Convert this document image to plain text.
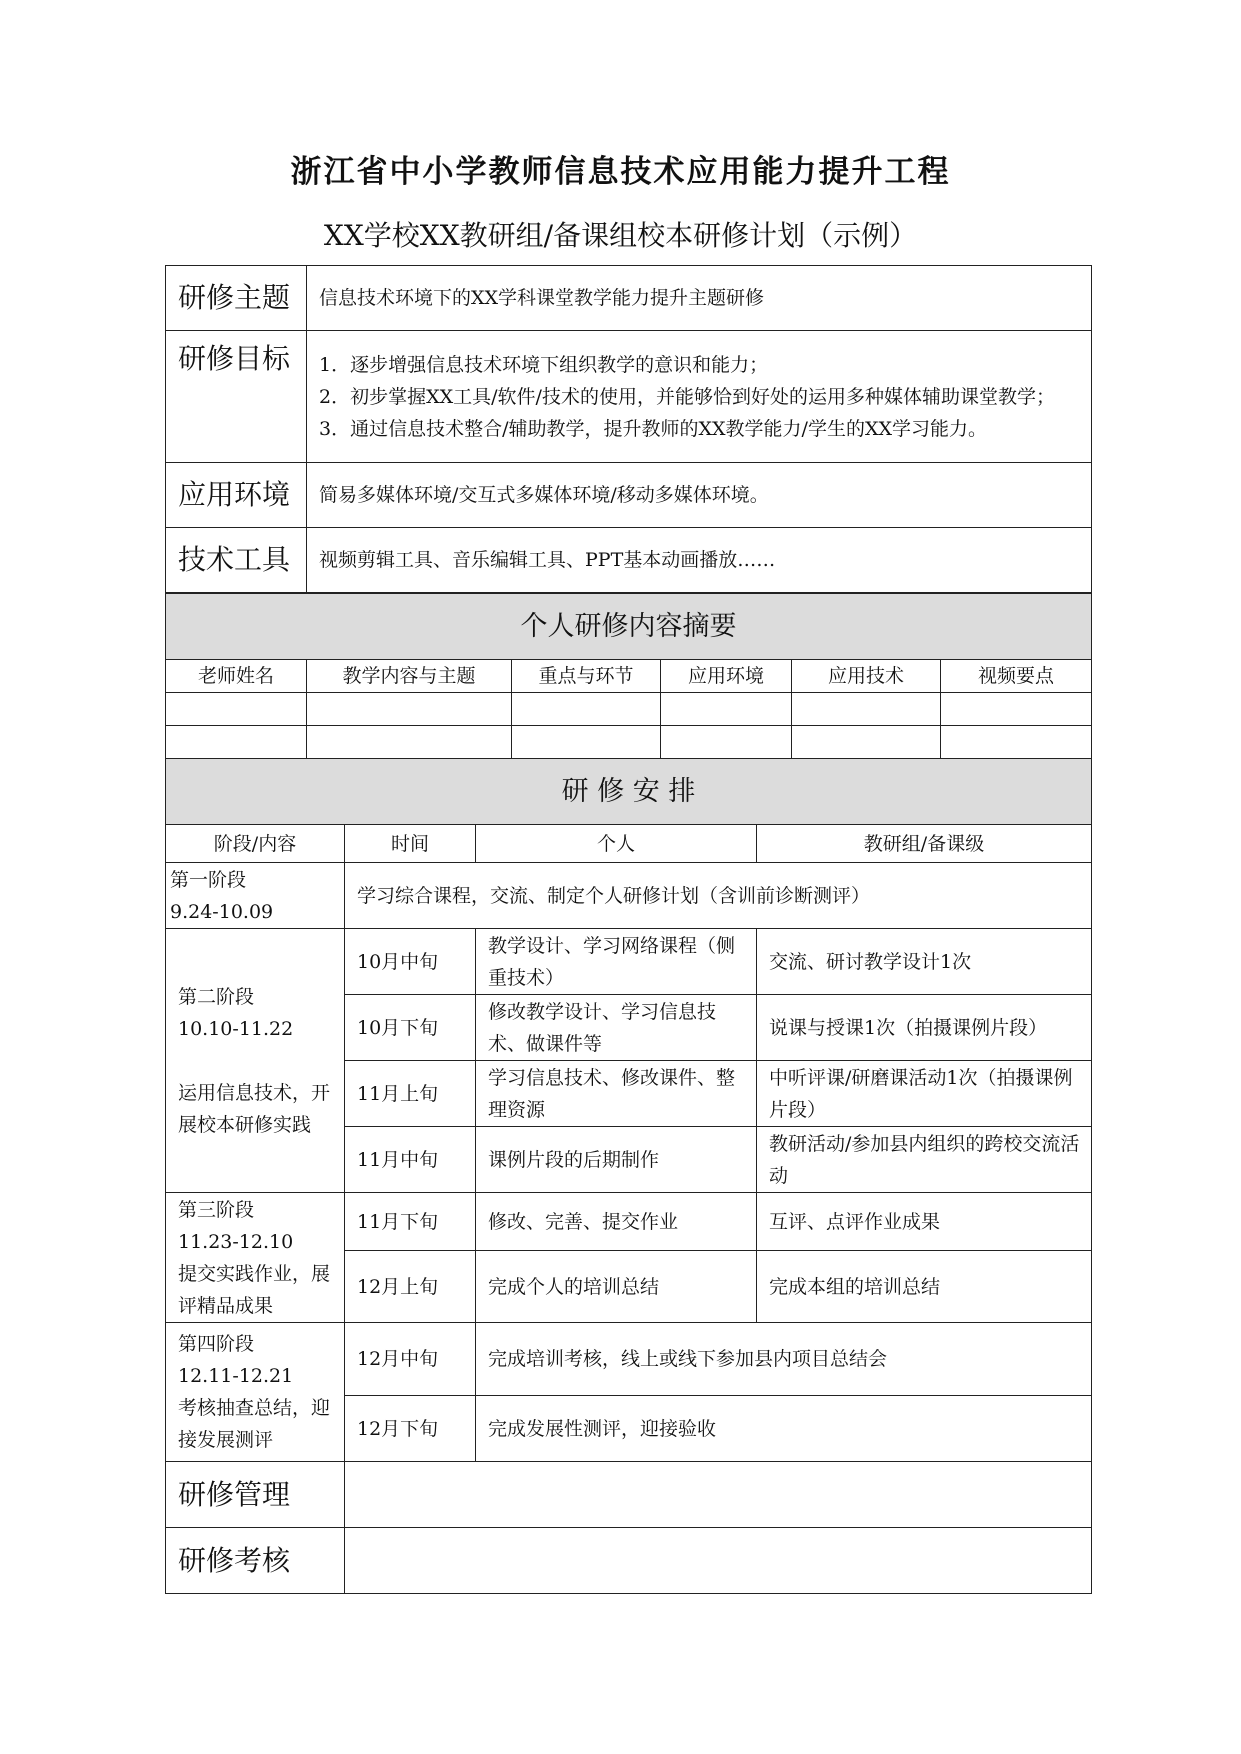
浙江省中小学教师信息技术应用能力提升工程
XX学校XX教研组/备课组校本研修计划（示例）
研修主题	信息技术环境下的XX学科课堂教学能力提升主题研修
研修目标	1．逐步增强信息技术环境下组织教学的意识和能力；
2．初步掌握XX工具/软件/技术的使用，并能够恰到好处的运用多种媒体辅助课堂教学；
3．通过信息技术整合/辅助教学，提升教师的XX教学能力/学生的XX学习能力。

应用环境	简易多媒体环境/交互式多媒体环境/移动多媒体环境。
技术工具	视频剪辑工具、音乐编辑工具、PPT基本动画播放……
个人研修内容摘要					
老师姓名	教学内容与主题	重点与环节	应用环境	应用技术	视频要点

研 修 安 排			
阶段/内容	时间	个人	教研组/备课级

第一阶段
9.24-10.09	学习综合课程，交流、制定个人研修计划（含训前诊断测评）		

第二阶段
10.10-11.22
运用信息技术，开展校本研修实践	10月中旬	教学设计、学习网络课程（侧重技术）	交流、研讨教学设计1次
	10月下旬	修改教学设计、学习信息技术、做课件等	说课与授课1次（拍摄课例片段）
	11月上旬	学习信息技术、修改课件、整理资源	中听评课/研磨课活动1次（拍摄课例片段）
	11月中旬	课例片段的后期制作	教研活动/参加县内组织的跨校交流活动

第三阶段
11.23-12.10
提交实践作业，展评精品成果	11月下旬	修改、完善、提交作业	互评、点评作业成果
	12月上旬	完成个人的培训总结	完成本组的培训总结

第四阶段
12.11-12.21
考核抽查总结，迎接发展测评	12月中旬	完成培训考核，线上或线下参加县内项目总结会	
	12月下旬	完成发展性测评，迎接验收	
研修管理			
研修考核			
